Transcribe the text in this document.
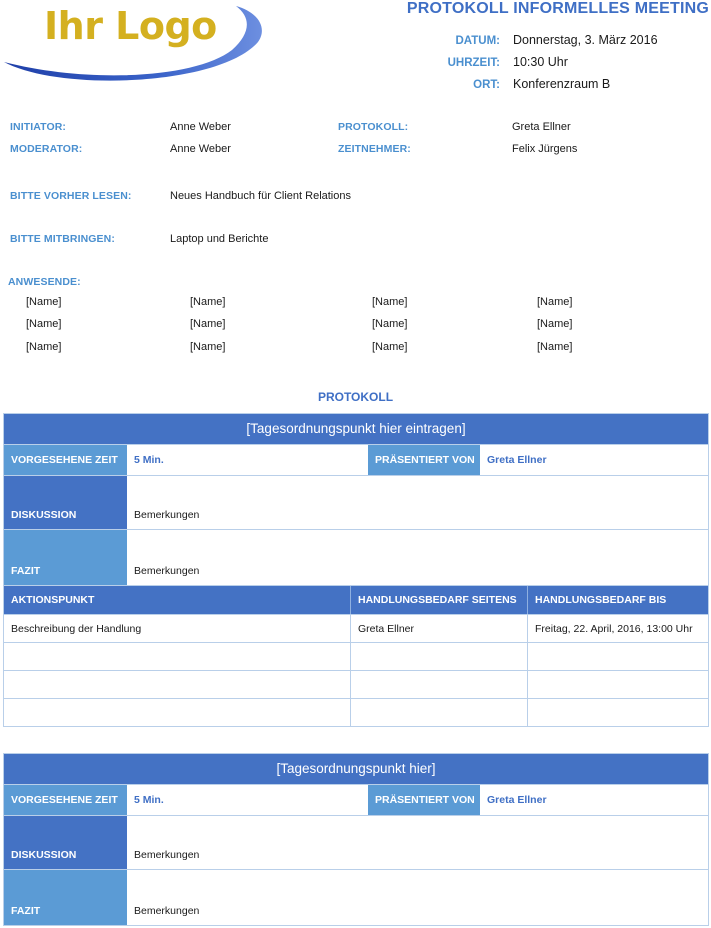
Ihr Logo	PROTOKOLL INFORMELLES MEETING
DATUM: Donnerstag, 3. März 2016
UHRZEIT: 10:30 Uhr
ORT: Konferenzraum B
INITIATOR:	Anne Weber	PROTOKOLL:	Greta Ellner
MODERATOR:	Anne Weber	ZEITNEHMER:	Felix Jürgens
BITTE VORHER LESEN:	Neues Handbuch für Client Relations
BITTE MITBRINGEN:	Laptop und Berichte
ANWESENDE:
[Name]	[Name]	[Name]	[Name]
[Name]	[Name]	[Name]	[Name]
[Name]	[Name]	[Name]	[Name]
PROTOKOLL
[Tagesordnungspunkt hier eintragen]
VORGESEHENE ZEIT	5 Min.	PRÄSENTIERT VON	Greta Ellner
DISKUSSION	Bemerkungen
FAZIT	Bemerkungen
AKTIONSPUNKT	HANDLUNGSBEDARF SEITENS	HANDLUNGSBEDARF BIS
Beschreibung der Handlung	Greta Ellner	Freitag, 22. April, 2016, 13:00 Uhr
[Tagesordnungspunkt hier]
VORGESEHENE ZEIT	5 Min.	PRÄSENTIERT VON	Greta Ellner
DISKUSSION	Bemerkungen
FAZIT	Bemerkungen
